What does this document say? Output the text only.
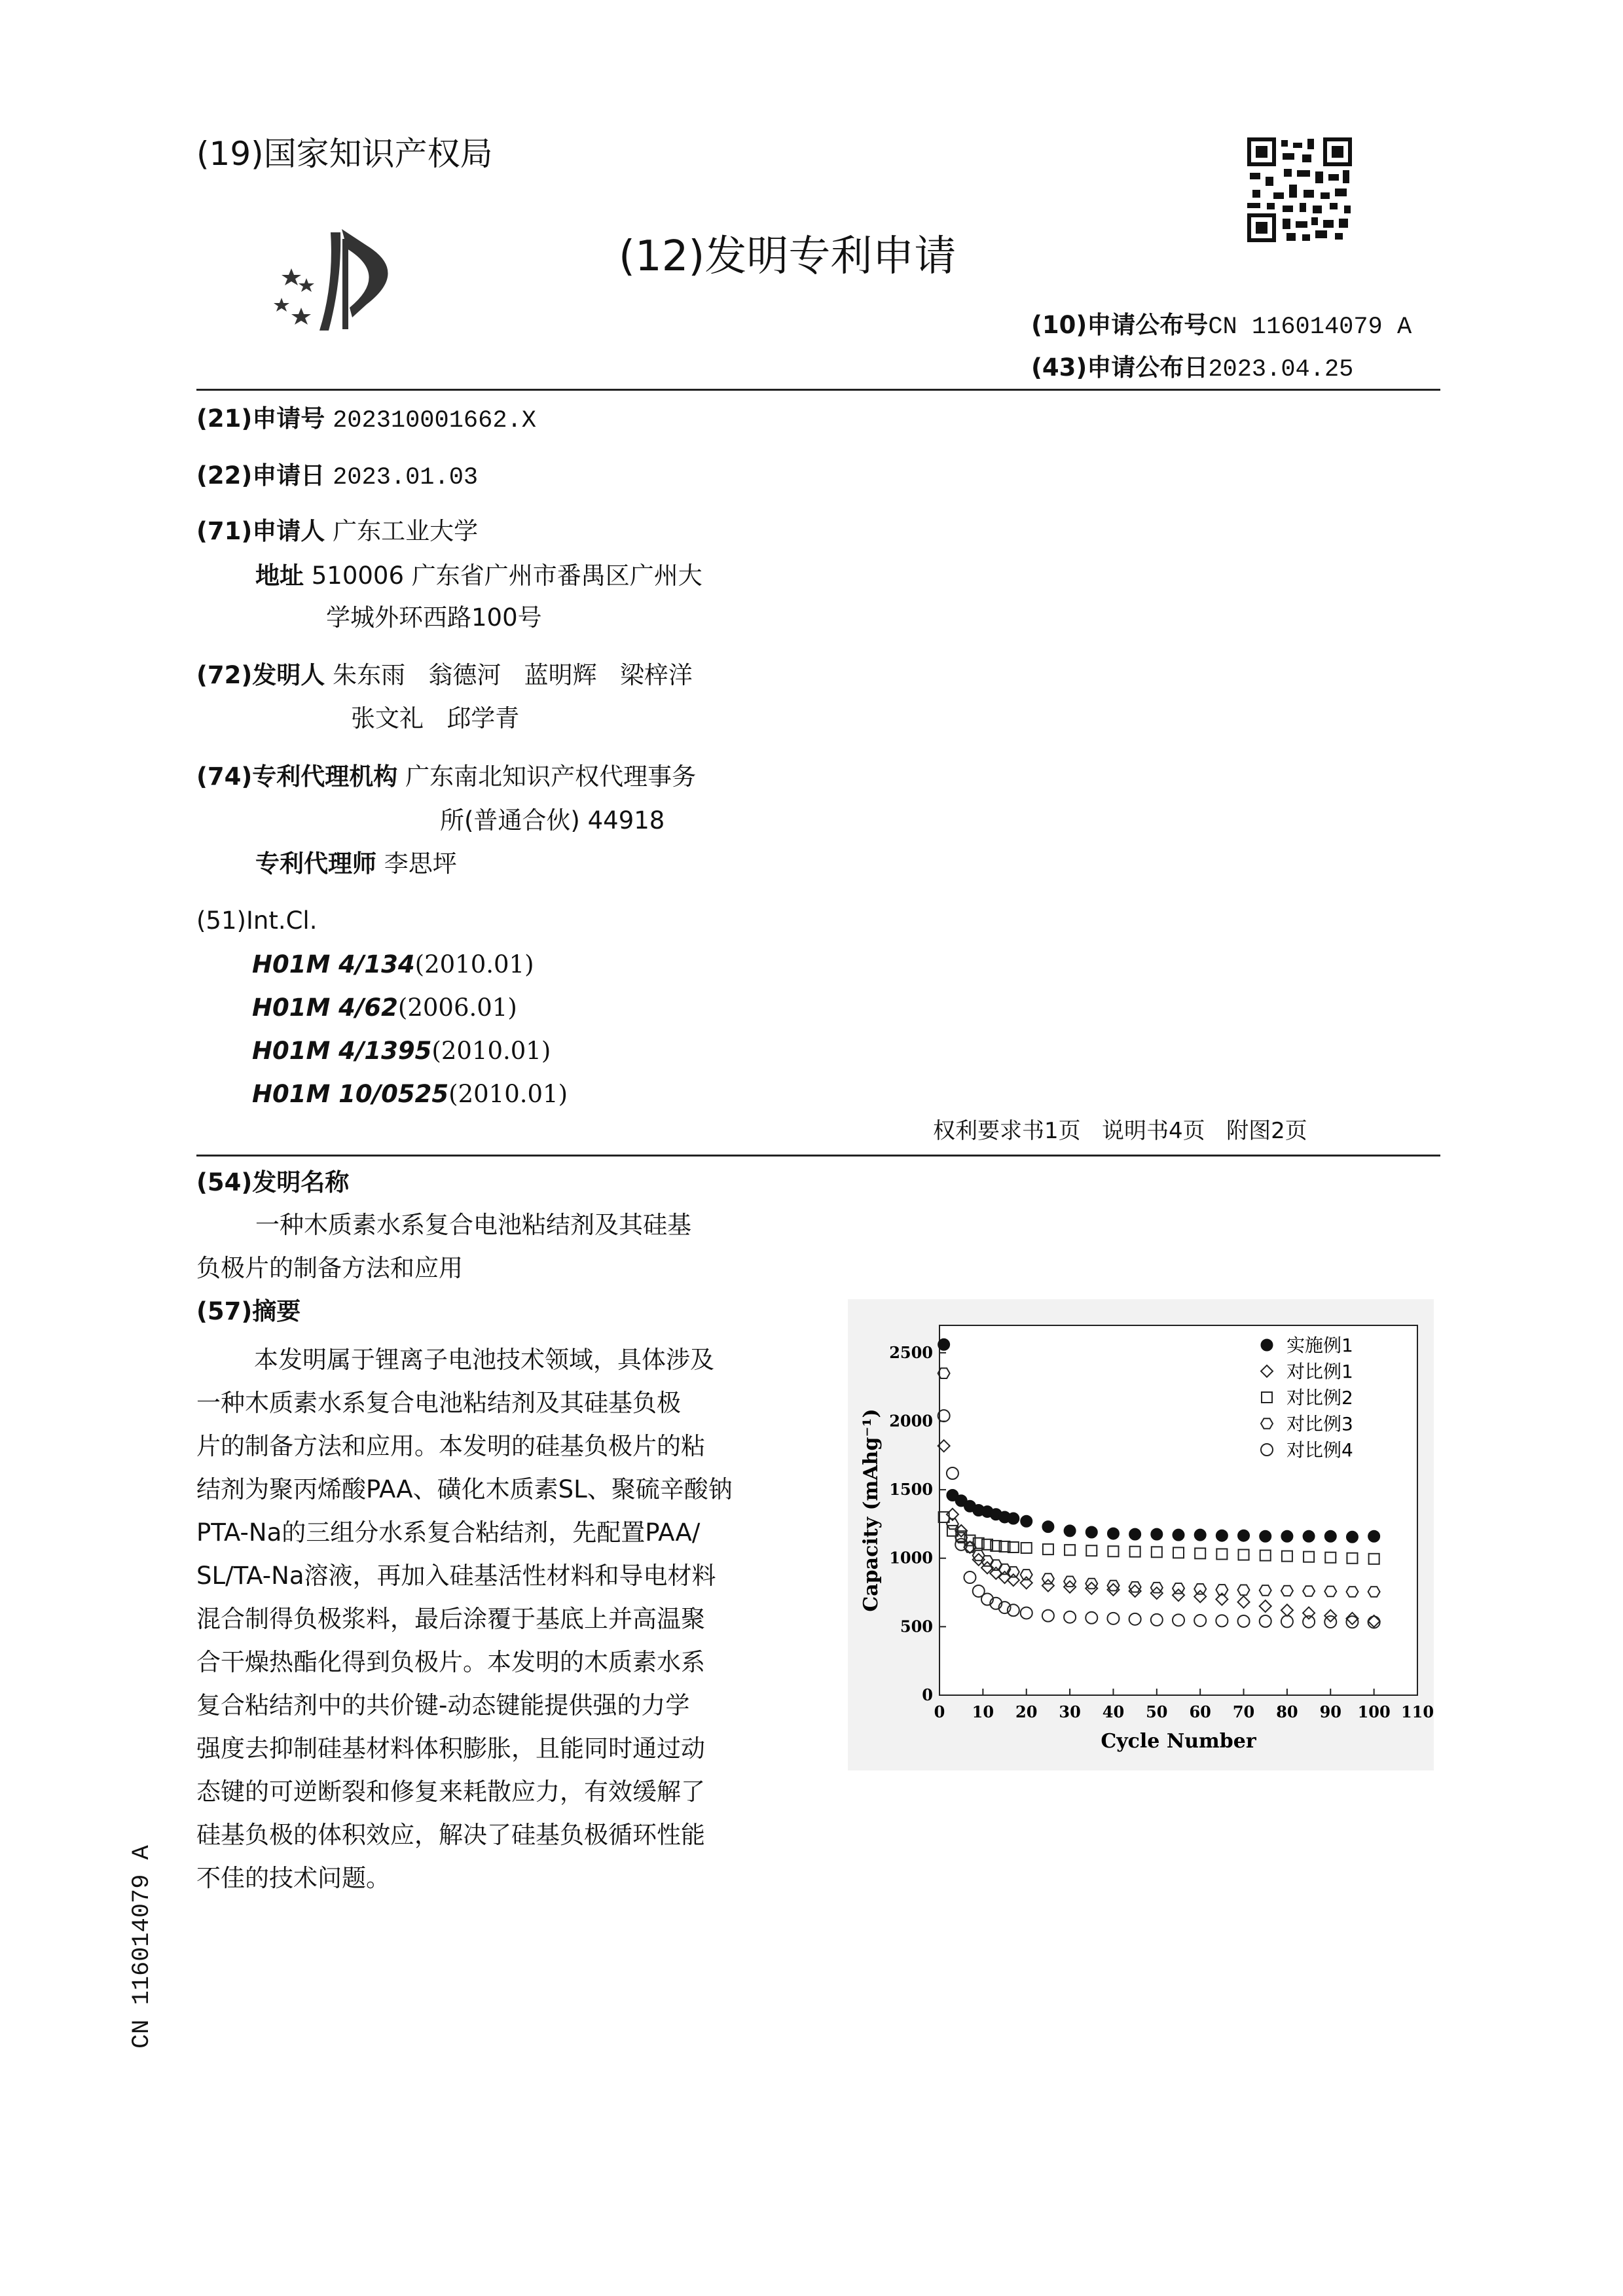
(19)国家知识产权局
(12)发明专利申请
(10)申请公布号CN 116014079 A
(43)申请公布日2023.04.25
(21)申请号 202310001662.X
(22)申请日 2023.01.03
(71)申请人 广东工业大学
地址 510006 广东省广州市番禺区广州大
学城外环西路100号
(72)发明人 朱东雨   翁德河   蓝明辉   梁梓洋
张文礼   邱学青
(74)专利代理机构 广东南北知识产权代理事务
所(普通合伙) 44918
专利代理师 李思坪
(51)Int.Cl.
H01M 4/134(2010.01)
H01M 4/62(2006.01)
H01M 4/1395(2010.01)
H01M 10/0525(2010.01)
权利要求书1页   说明书4页   附图2页
(54)发明名称
一种木质素水系复合电池粘结剂及其硅基
负极片的制备方法和应用
(57)摘要
本发明属于锂离子电池技术领域，具体涉及
一种木质素水系复合电池粘结剂及其硅基负极
片的制备方法和应用。本发明的硅基负极片的粘
结剂为聚丙烯酸PAA、磺化木质素SL、聚硫辛酸钠
PTA-Na的三组分水系复合粘结剂，先配置PAA/
SL/TA-Na溶液，再加入硅基活性材料和导电材料
混合制得负极浆料，最后涂覆于基底上并高温聚
合干燥热酯化得到负极片。本发明的木质素水系
复合粘结剂中的共价键-动态键能提供强的力学
强度去抑制硅基材料体积膨胀，且能同时通过动
态键的可逆断裂和修复来耗散应力，有效缓解了
硅基负极的体积效应，解决了硅基负极循环性能
不佳的技术问题。
0 10 20 30 40 50 60 70 80 90 100 110
0
500
1000
1500
2000
2500
Cycle Number
Capacity (mAhg⁻¹)
实施例1
对比例1
对比例2
对比例3
对比例4
CN 116014079 A
